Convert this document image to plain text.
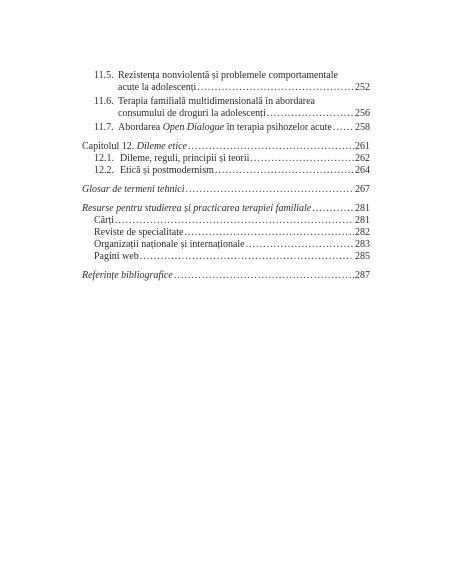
11.5. Rezistența nonviolentă și problemele comportamentale
acute la adolescenți .....	252
11.6. Terapia familială multidimensională în abordarea
consumului de droguri la adolescenți .....	256
11.7. Abordarea Open Dialogue în terapia psihozelor acute ..... 258
Capitolul 12. Dileme etice .....	261
12.1. Dileme, reguli, principii și teorii .....	262
12.2. Etică și postmodernism .....	264
Glosar de termeni tehnici .....	267
Resurse pentru studierea și practicarea terapiei familiale .....	281
Cărți .....	281
Reviste de specialitate .....	282
Organizații naționale și internaționale .....	283
Pagini web .....	285
Referințe bibliografice .....	287
